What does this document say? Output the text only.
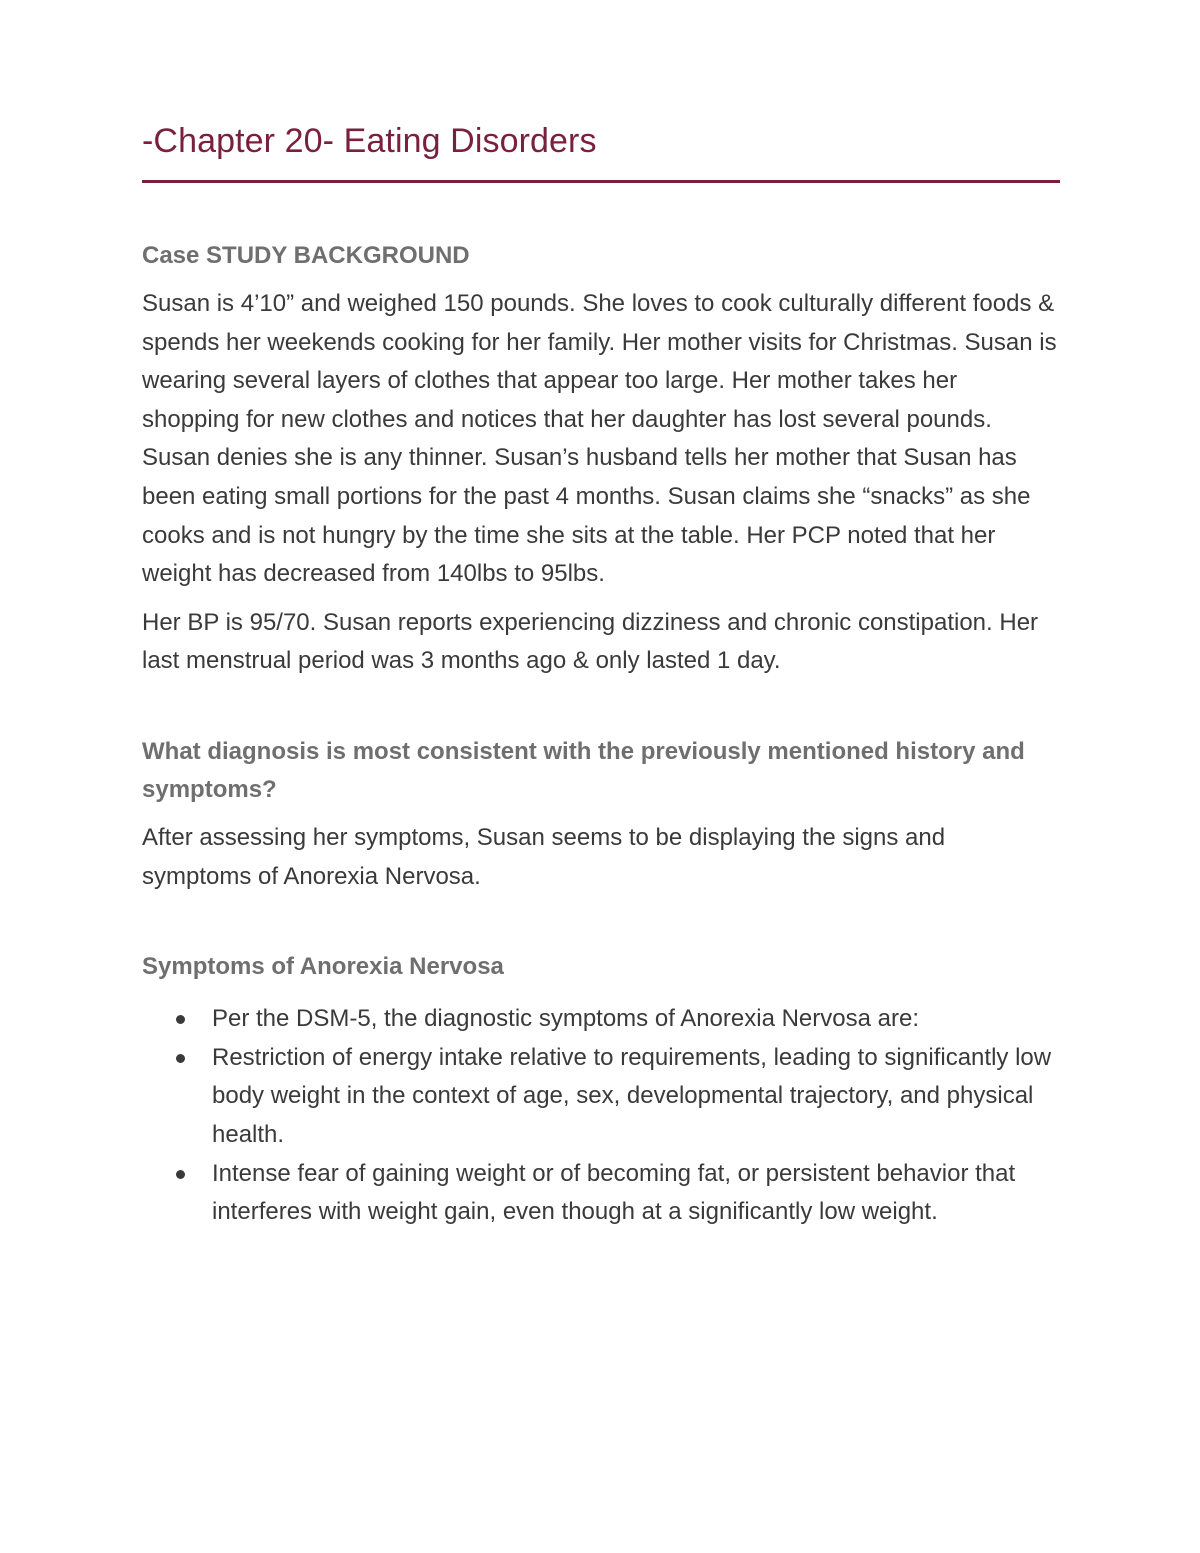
-Chapter 20- Eating Disorders
Case STUDY BACKGROUND

Susan is 4’10” and weighed 150 pounds. She loves to cook culturally different foods & spends her weekends cooking for her family. Her mother visits for Christmas. Susan is wearing several layers of clothes that appear too large. Her mother takes her shopping for new clothes and notices that her daughter has lost several pounds. Susan denies she is any thinner. Susan’s husband tells her mother that Susan has been eating small portions for the past 4 months. Susan claims she “snacks” as she cooks and is not hungry by the time she sits at the table. Her PCP noted that her weight has decreased from 140lbs to 95lbs.

Her BP is 95/70. Susan reports experiencing dizziness and chronic constipation. Her last menstrual period was 3 months ago & only lasted 1 day.

What diagnosis is most consistent with the previously mentioned history and symptoms?

After assessing her symptoms, Susan seems to be displaying the signs and symptoms of Anorexia Nervosa.

Symptoms of Anorexia Nervosa
Per the DSM-5, the diagnostic symptoms of Anorexia Nervosa are:
Restriction of energy intake relative to requirements, leading to significantly low body weight in the context of age, sex, developmental trajectory, and physical health.
Intense fear of gaining weight or of becoming fat, or persistent behavior that interferes with weight gain, even though at a significantly low weight.
